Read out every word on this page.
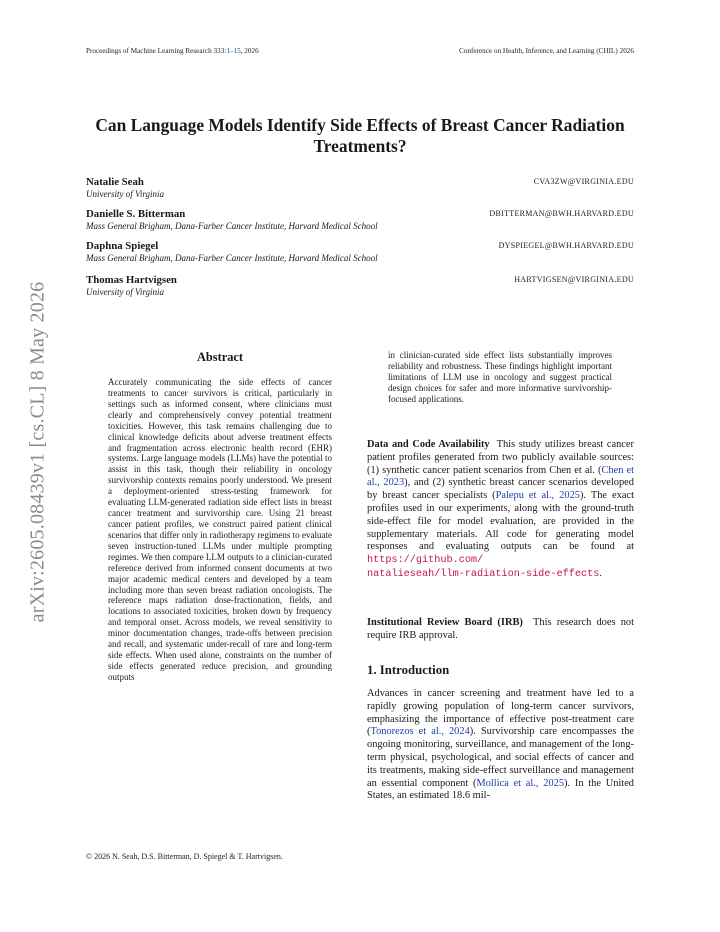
Proceedings of Machine Learning Research 333:1–15, 2026	Conference on Health, Inference, and Learning (CHIL) 2026
arXiv:2605.08439v1 [cs.CL] 8 May 2026
Can Language Models Identify Side Effects of Breast Cancer Radiation Treatments?
Natalie Seah
University of Virginia
CVA3ZW@VIRGINIA.EDU
Danielle S. Bitterman
Mass General Brigham, Dana-Farber Cancer Institute, Harvard Medical School
DBITTERMAN@BWH.HARVARD.EDU
Daphna Spiegel
Mass General Brigham, Dana-Farber Cancer Institute, Harvard Medical School
DYSPIEGEL@BWH.HARVARD.EDU
Thomas Hartvigsen
University of Virginia
HARTVIGSEN@VIRGINIA.EDU
Abstract
Accurately communicating the side effects of cancer treatments to cancer survivors is critical, particularly in settings such as informed consent, where clinicians must clearly and comprehensively convey potential treatment toxicities. However, this task remains challenging due to clinical knowledge deficits about adverse treatment effects and fragmentation across electronic health record (EHR) systems. Large language models (LLMs) have the potential to assist in this task, though their reliability in oncology survivorship contexts remains poorly understood. We present a deployment-oriented stress-testing framework for evaluating LLM-generated radiation side effect lists in breast cancer treatment and survivorship care. Using 21 breast cancer patient profiles, we construct paired patient clinical scenarios that differ only in radiotherapy regimens to evaluate seven instruction-tuned LLMs under multiple prompting regimes. We then compare LLM outputs to a clinician-curated reference derived from informed consent documents at two major academic medical centers and developed by a team including more than seven breast radiation oncologists. The reference maps radiation dose-fractionation, fields, and locations to associated toxicities, broken down by frequency and temporal onset. Across models, we reveal sensitivity to minor documentation changes, trade-offs between precision and recall, and systematic under-recall of rare and long-term side effects. When used alone, constraints on the number of side effects generated reduce precision, and grounding outputs
in clinician-curated side effect lists substantially improves reliability and robustness. These findings highlight important limitations of LLM use in oncology and suggest practical design choices for safer and more informative survivorship-focused applications.
Data and Code Availability This study utilizes breast cancer patient profiles generated from two publicly available sources: (1) synthetic cancer patient scenarios from Chen et al. (Chen et al., 2023), and (2) synthetic breast cancer scenarios developed by breast cancer specialists (Palepu et al., 2025). The exact profiles used in our experiments, along with the ground-truth side-effect file for model evaluation, are provided in the supplementary materials. All code for generating model responses and evaluating outputs can be found at https://github.com/
natalieseah/llm-radiation-side-effects.
Institutional Review Board (IRB) This research does not require IRB approval.
1. Introduction
Advances in cancer screening and treatment have led to a rapidly growing population of long-term cancer survivors, emphasizing the importance of effective post-treatment care (Tonorezos et al., 2024). Survivorship care encompasses the ongoing monitoring, surveillance, and management of the long-term physical, psychological, and social effects of cancer and its treatments, making side-effect surveillance and management an essential component (Mollica et al., 2025). In the United States, an estimated 18.6 mil-
© 2026 N. Seah, D.S. Bitterman, D. Spiegel & T. Hartvigsen.
